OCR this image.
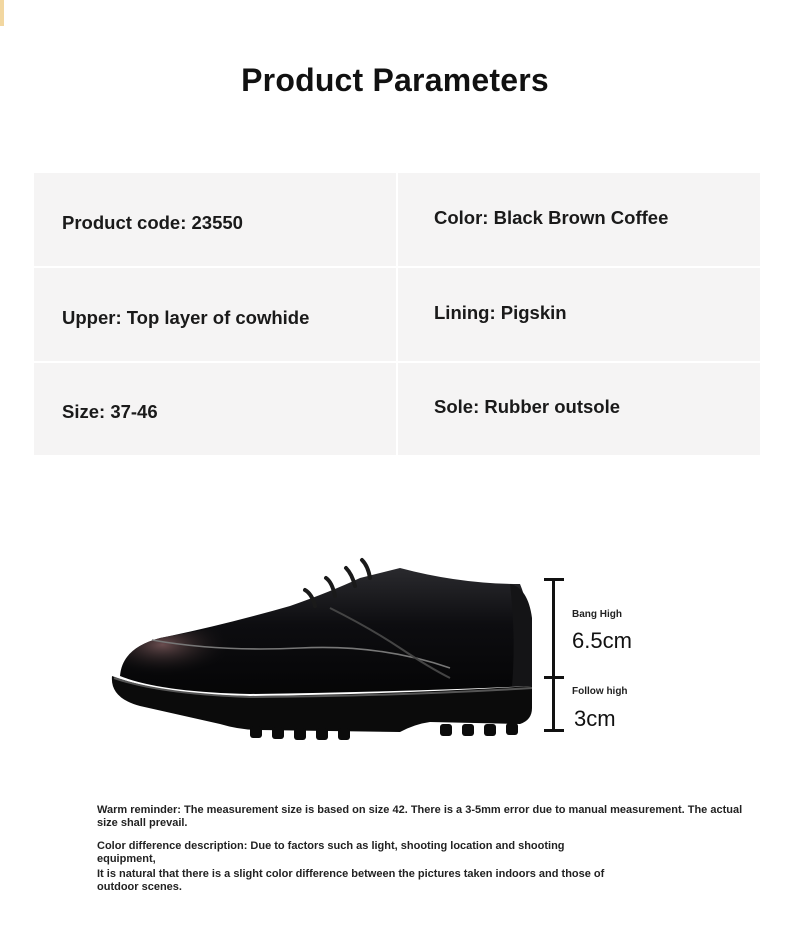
Product Parameters
Product code: 23550	Color: Black Brown Coffee
Upper: Top layer of cowhide	Lining: Pigskin
Size: 37-46	Sole: Rubber outsole
Bang High
6.5cm
Follow high
3cm
Warm reminder: The measurement size is based on size 42. There is a 3-5mm error due to manual measurement. The actual size shall prevail.
Color difference description: Due to factors such as light, shooting location and shooting equipment,
It is natural that there is a slight color difference between the pictures taken indoors and those of outdoor scenes.
